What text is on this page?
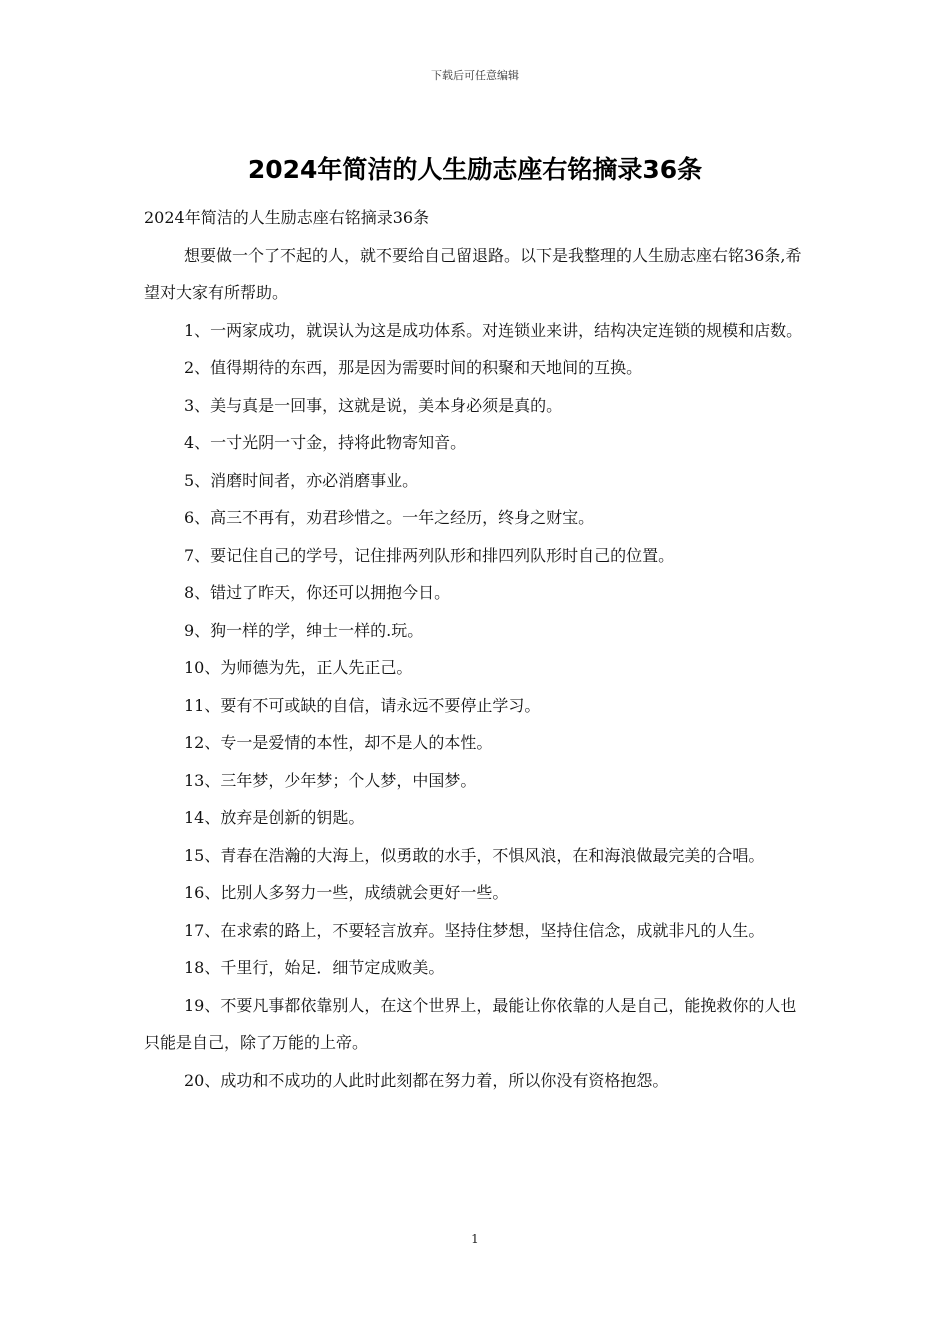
下载后可任意编辑
2024年简洁的人生励志座右铭摘录36条

2024年简洁的人生励志座右铭摘录36条

想要做一个了不起的人，就不要给自己留退路。以下是我整理的人生励志座右铭36条,希望对大家有所帮助。

1、一两家成功，就误认为这是成功体系。对连锁业来讲，结构决定连锁的规模和店数。

2、值得期待的东西，那是因为需要时间的积聚和天地间的互换。

3、美与真是一回事，这就是说，美本身必须是真的。

4、一寸光阴一寸金，持将此物寄知音。

5、消磨时间者，亦必消磨事业。

6、高三不再有，劝君珍惜之。一年之经历，终身之财宝。

7、要记住自己的学号，记住排两列队形和排四列队形时自己的位置。

8、错过了昨天，你还可以拥抱今日。

9、狗一样的学，绅士一样的.玩。

10、为师德为先，正人先正己。

11、要有不可或缺的自信，请永远不要停止学习。

12、专一是爱情的本性，却不是人的本性。

13、三年梦，少年梦；个人梦，中国梦。

14、放弃是创新的钥匙。

15、青春在浩瀚的大海上，似勇敢的水手，不惧风浪，在和海浪做最完美的合唱。

16、比别人多努力一些，成绩就会更好一些。

17、在求索的路上，不要轻言放弃。坚持住梦想，坚持住信念，成就非凡的人生。

18、千里行，始足．细节定成败美。

19、不要凡事都依靠别人，在这个世界上，最能让你依靠的人是自己，能挽救你的人也只能是自己，除了万能的上帝。

20、成功和不成功的人此时此刻都在努力着，所以你没有资格抱怨。

1
